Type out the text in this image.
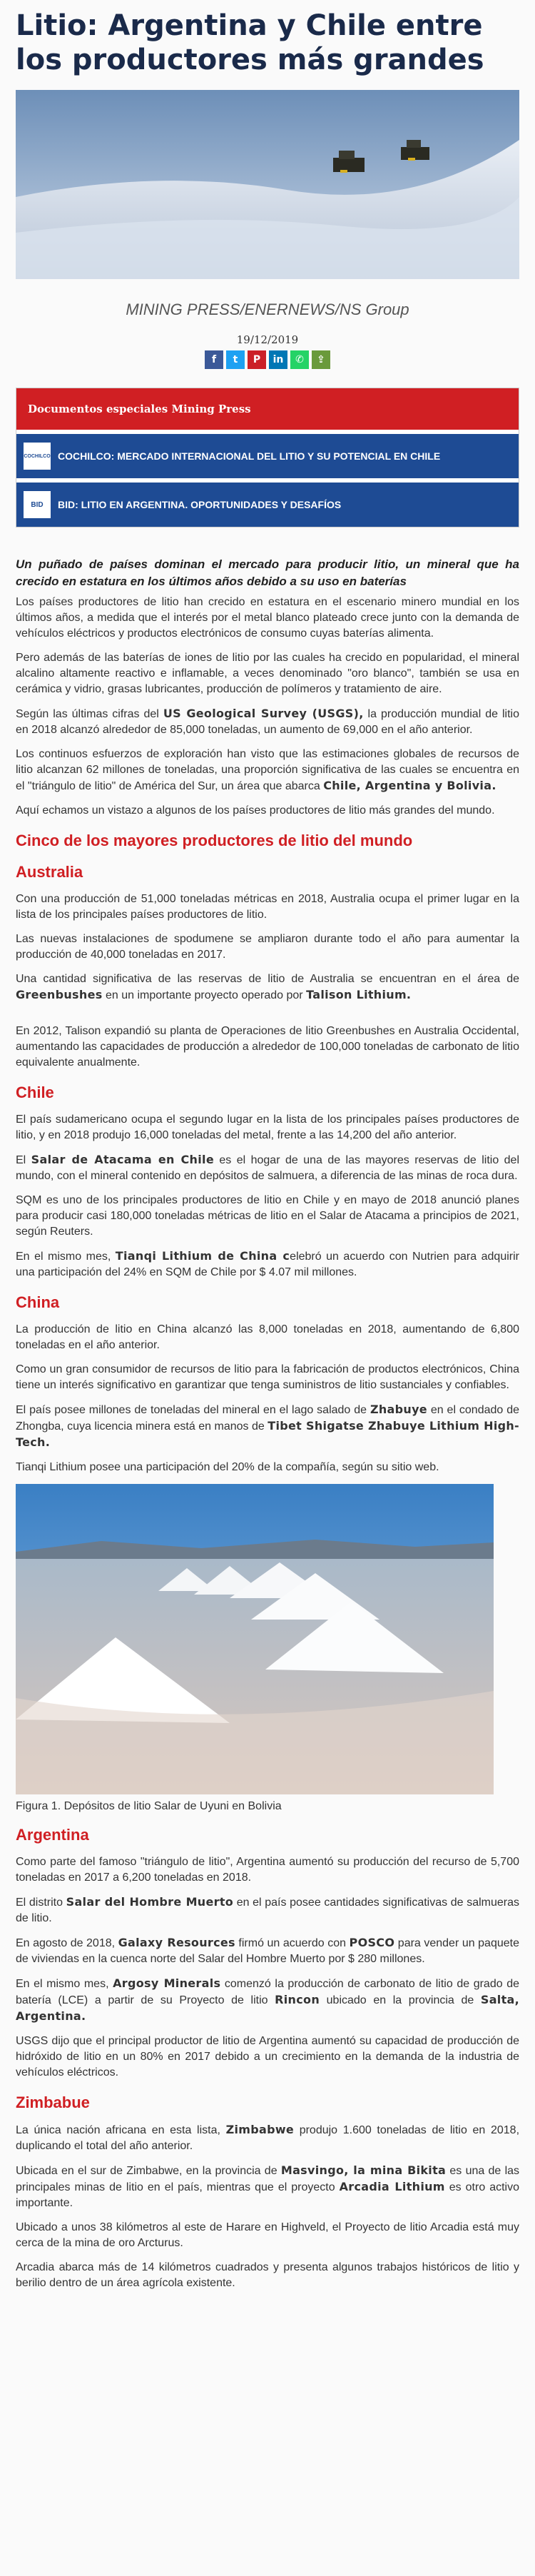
Litio: Argentina y Chile entre los productores más grandes
MINING PRESS/ENERNEWS/NS Group
19/12/2019
f	t	P	in	✆	⇪
Documentos especiales Mining Press
COCHILCO COCHILCO: MERCADO INTERNACIONAL DEL LITIO Y SU POTENCIAL EN CHILE
BID	BID: LITIO EN ARGENTINA. OPORTUNIDADES Y DESAFÍOS

Un puñado de países dominan el mercado para producir litio, un mineral que ha crecido en estatura en los últimos años debido a su uso en baterías

Los países productores de litio han crecido en estatura en el escenario minero mundial en los últimos años, a medida que el interés por el metal blanco plateado crece junto con la demanda de vehículos eléctricos y productos electrónicos de consumo cuyas baterías alimenta.

Pero además de las baterías de iones de litio por las cuales ha crecido en popularidad, el mineral alcalino altamente reactivo e inflamable, a veces denominado "oro blanco", también se usa en cerámica y vidrio, grasas lubricantes, producción de polímeros y tratamiento de aire.

Según las últimas cifras del US Geological Survey (USGS), la producción mundial de litio en 2018 alcanzó alrededor de 85,000 toneladas, un aumento de 69,000 en el año anterior.

Los continuos esfuerzos de exploración han visto que las estimaciones globales de recursos de litio alcanzan 62 millones de toneladas, una proporción significativa de las cuales se encuentra en el "triángulo de litio" de América del Sur, un área que abarca Chile, Argentina y Bolivia.

Aquí echamos un vistazo a algunos de los países productores de litio más grandes del mundo.

Cinco de los mayores productores de litio del mundo
Australia

Con una producción de 51,000 toneladas métricas en 2018, Australia ocupa el primer lugar en la lista de los principales países productores de litio.

Las nuevas instalaciones de spodumene se ampliaron durante todo el año para aumentar la producción de 40,000 toneladas en 2017.

Una cantidad significativa de las reservas de litio de Australia se encuentran en el área de Greenbushes en un importante proyecto operado por Talison Lithium.

En 2012, Talison expandió su planta de Operaciones de litio Greenbushes en Australia Occidental, aumentando las capacidades de producción a alrededor de 100,000 toneladas de carbonato de litio equivalente anualmente.

Chile

El país sudamericano ocupa el segundo lugar en la lista de los principales países productores de litio, y en 2018 produjo 16,000 toneladas del metal, frente a las 14,200 del año anterior.

El Salar de Atacama en Chile es el hogar de una de las mayores reservas de litio del mundo, con el mineral contenido en depósitos de salmuera, a diferencia de las minas de roca dura.

SQM es uno de los principales productores de litio en Chile y en mayo de 2018 anunció planes para producir casi 180,000 toneladas métricas de litio en el Salar de Atacama a principios de 2021, según Reuters.

En el mismo mes, Tianqi Lithium de China celebró un acuerdo con Nutrien para adquirir una participación del 24% en SQM de Chile por $ 4.07 mil millones.

China

La producción de litio en China alcanzó las 8,000 toneladas en 2018, aumentando de 6,800 toneladas en el año anterior.

Como un gran consumidor de recursos de litio para la fabricación de productos electrónicos, China tiene un interés significativo en garantizar que tenga suministros de litio sustanciales y confiables.

El país posee millones de toneladas del mineral en el lago salado de Zhabuye en el condado de Zhongba, cuya licencia minera está en manos de Tibet Shigatse Zhabuye Lithium High-Tech.

Tianqi Lithium posee una participación del 20% de la compañía, según su sitio web.

Figura 1. Depósitos de litio Salar de Uyuni en Bolivia
Argentina

Como parte del famoso "triángulo de litio", Argentina aumentó su producción del recurso de 5,700 toneladas en 2017 a 6,200 toneladas en 2018.

El distrito Salar del Hombre Muerto en el país posee cantidades significativas de salmueras de litio.

En agosto de 2018, Galaxy Resources firmó un acuerdo con POSCO para vender un paquete de viviendas en la cuenca norte del Salar del Hombre Muerto por $ 280 millones.

En el mismo mes, Argosy Minerals comenzó la producción de carbonato de litio de grado de batería (LCE) a partir de su Proyecto de litio Rincon ubicado en la provincia de Salta, Argentina.

USGS dijo que el principal productor de litio de Argentina aumentó su capacidad de producción de hidróxido de litio en un 80% en 2017 debido a un crecimiento en la demanda de la industria de vehículos eléctricos.

Zimbabue

La única nación africana en esta lista, Zimbabwe produjo 1.600 toneladas de litio en 2018, duplicando el total del año anterior.

Ubicada en el sur de Zimbabwe, en la provincia de Masvingo, la mina Bikita es una de las principales minas de litio en el país, mientras que el proyecto Arcadia Lithium es otro activo importante.

Ubicado a unos 38 kilómetros al este de Harare en Highveld, el Proyecto de litio Arcadia está muy cerca de la mina de oro Arcturus.

Arcadia abarca más de 14 kilómetros cuadrados y presenta algunos trabajos históricos de litio y berilio dentro de un área agrícola existente.
